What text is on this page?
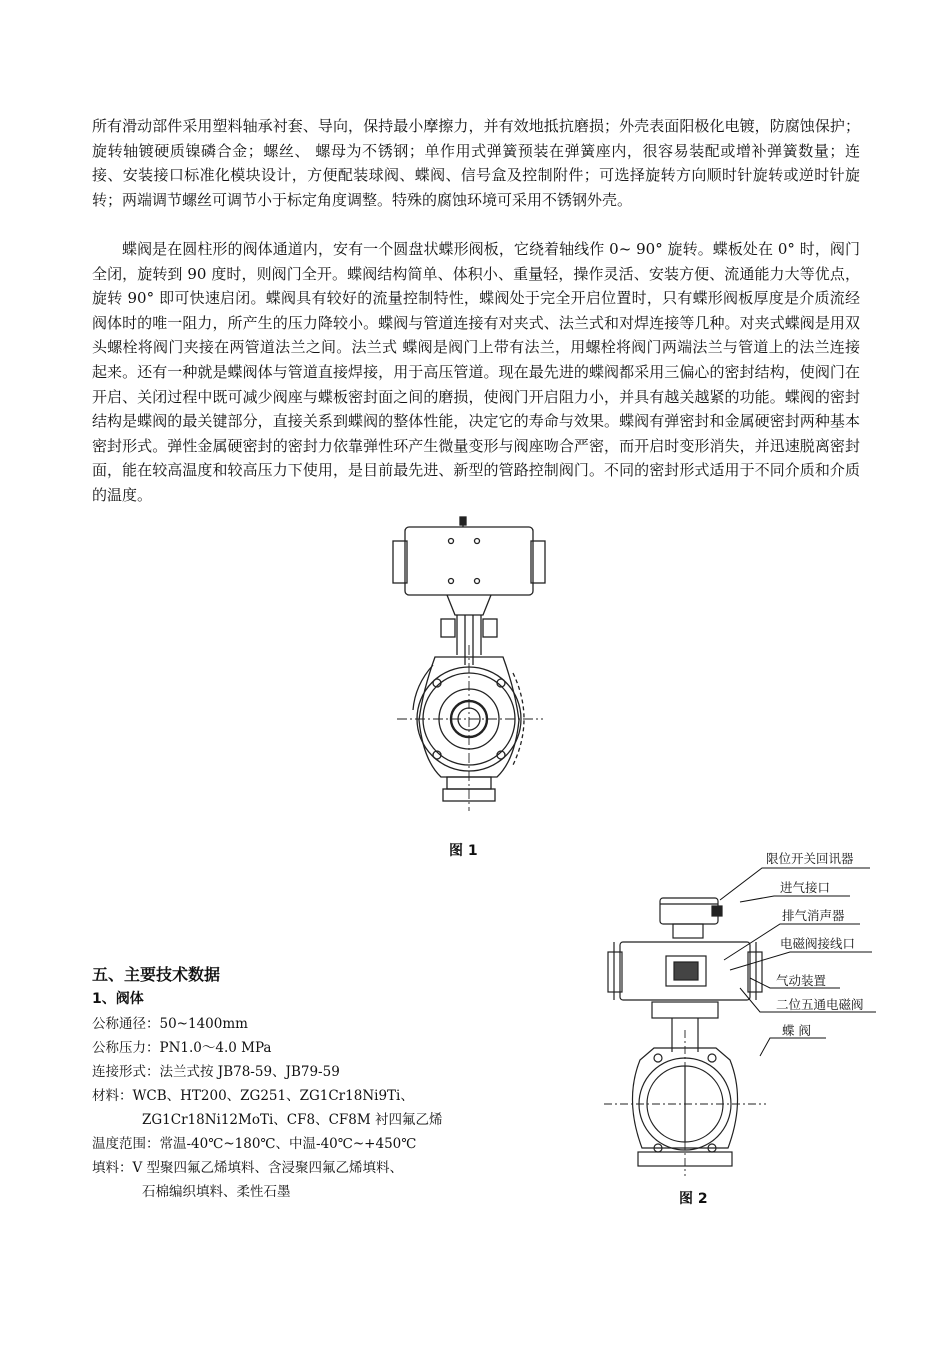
所有滑动部件采用塑料轴承衬套、导向，保持最小摩擦力，并有效地抵抗磨损；外壳表面阳极化电镀，防腐蚀保护；旋转轴镀硬质镍磷合金；螺丝、 螺母为不锈钢；单作用式弹簧预装在弹簧座内，很容易装配或增补弹簧数量；连接、安装接口标准化模块设计，方便配装球阀、蝶阀、信号盒及控制附件；可选择旋转方向顺时针旋转或逆时针旋转；两端调节螺丝可调节小于标定角度调整。特殊的腐蚀环境可采用不锈钢外壳。
蝶阀是在圆柱形的阀体通道内，安有一个圆盘状蝶形阀板，它绕着轴线作 0~ 90° 旋转。蝶板处在 0° 时，阀门全闭，旋转到 90 度时，则阀门全开。蝶阀结构简单、体积小、重量轻，操作灵活、安装方便、流通能力大等优点，旋转 90° 即可快速启闭。蝶阀具有较好的流量控制特性，蝶阀处于完全开启位置时，只有蝶形阀板厚度是介质流经阀体时的唯一阻力，所产生的压力降较小。蝶阀与管道连接有对夹式、法兰式和对焊连接等几种。对夹式蝶阀是用双头螺栓将阀门夹接在两管道法兰之间。法兰式 蝶阀是阀门上带有法兰，用螺栓将阀门两端法兰与管道上的法兰连接起来。还有一种就是蝶阀体与管道直接焊接，用于高压管道。现在最先进的蝶阀都采用三偏心的密封结构，使阀门在开启、关闭过程中既可减少阀座与蝶板密封面之间的磨损，使阀门开启阻力小，并具有越关越紧的功能。蝶阀的密封结构是蝶阀的最关键部分，直接关系到蝶阀的整体性能，决定它的寿命与效果。蝶阀有弹密封和金属硬密封两种基本密封形式。弹性金属硬密封的密封力依靠弹性环产生微量变形与阀座吻合严密，而开启时变形消失，并迅速脱离密封面，能在较高温度和较高压力下使用，是目前最先进、新型的管路控制阀门。不同的密封形式适用于不同介质和介质的温度。
图 1	限位开关回讯器
进气接口
排气消声器
电磁阀接线口
气动装置
二位五通电磁阀
蝶 阀
图 2
五、主要技术数据
1、阀体
公称通径：50~1400mm
公称压力：PN1.0～4.0 MPa
连接形式：法兰式按 JB78-59、JB79-59
材料：WCB、HT200、ZG251、ZG1Cr18Ni9Ti、
ZG1Cr18Ni12MoTi、CF8、CF8M 衬四氟乙烯
温度范围：常温-40℃~180℃、中温-40℃~+450℃
填料：V 型聚四氟乙烯填料、含浸聚四氟乙烯填料、
石棉编织填料、柔性石墨
